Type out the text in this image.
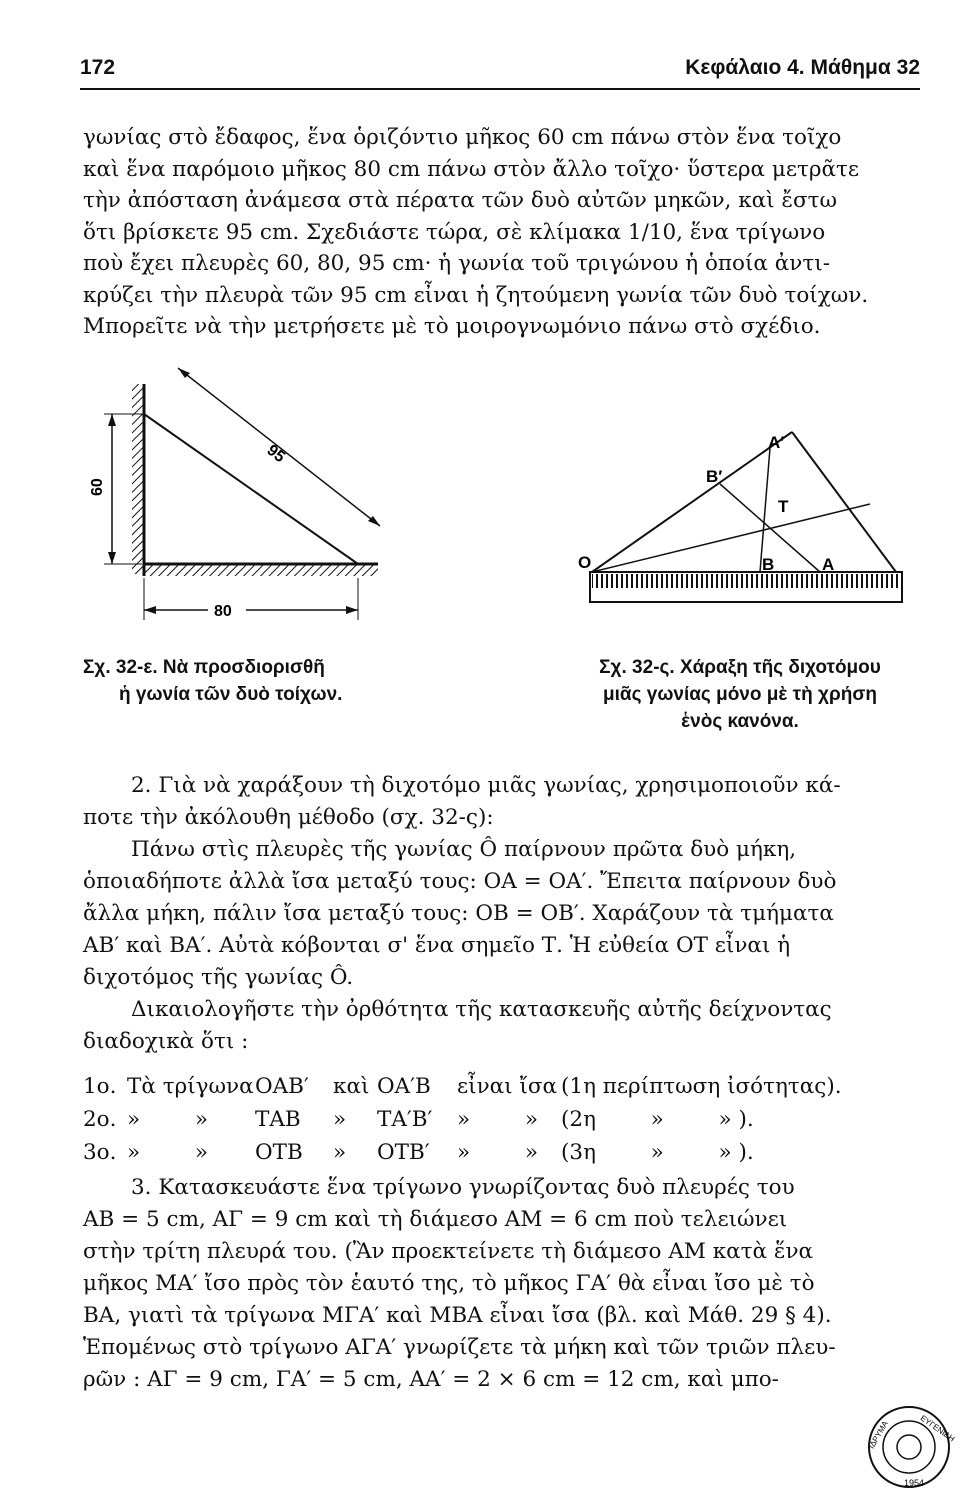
172	Κεφάλαιο 4. Μάθημα 32
γωνίας στὸ ἔδαφος, ἕνα ὁριζόντιο μῆκος 60 cm πάνω στὸν ἕνα τοῖχο
καὶ ἕνα παρόμοιο μῆκος 80 cm πάνω στὸν ἄλλο τοῖχο· ὕστερα μετρᾶτε
τὴν ἀπόσταση ἀνάμεσα στὰ πέρατα τῶν δυὸ αὐτῶν μηκῶν, καὶ ἔστω
ὅτι βρίσκετε 95 cm. Σχεδιάστε τώρα, σὲ κλίμακα 1/10, ἕνα τρίγωνο
ποὺ ἔχει πλευρὲς 60, 80, 95 cm· ἡ γωνία τοῦ τριγώνου ἡ ὁποία ἀντι-
κρύζει τὴν πλευρὰ τῶν 95 cm εἶναι ἡ ζητούμενη γωνία τῶν δυὸ τοίχων.
Μπορεῖτε νὰ τὴν μετρήσετε μὲ τὸ μοιρογνωμόνιο πάνω στὸ σχέδιο.
95
60
80
Σχ. 32-ε. Νὰ προσδιορισθῆ
ἡ γωνία τῶν δυὸ τοίχων.
O	B	A
B′
A′
T
Σχ. 32-ς. Χάραξη τῆς διχοτόμου
μιᾶς γωνίας μόνο μὲ τὴ χρήση
ἑνὸς κανόνα.
2. Γιὰ νὰ χαράξουν τὴ διχοτόμο μιᾶς γωνίας, χρησιμοποιοῦν κά-
ποτε τὴν ἀκόλουθη μέθοδο (σχ. 32-ς):
Πάνω στὶς πλευρὲς τῆς γωνίας Ô παίρνουν πρῶτα δυὸ μήκη,
ὁποιαδήποτε ἀλλὰ ἴσα μεταξύ τους: ΟΑ = ΟΑ′. Ἔπειτα παίρνουν δυὸ
ἄλλα μήκη, πάλιν ἴσα μεταξύ τους: ΟΒ = ΟΒ′. Χαράζουν τὰ τμήματα
ΑΒ′ καὶ ΒΑ′. Αὐτὰ κόβονται σ' ἕνα σημεῖο Τ. Ἡ εὐθεία ΟΤ εἶναι ἡ
διχοτόμος τῆς γωνίας Ô.
Δικαιολογῆστε τὴν ὀρθότητα τῆς κατασκευῆς αὐτῆς δείχνοντας
διαδοχικὰ ὅτι :
1ο. Τὰ τρίγωναΟΑΒ′ καὶ ΟΑ′Β εἶναι ἴσα (1η περίπτωση ἰσότητας).
2ο. »        » ΤΑΒ » ΤΑ′Β′ »        » (2η        »        » ).
3ο. »        » ΟΤΒ » ΟΤΒ′ »        » (3η        »        » ).
3. Κατασκευάστε ἕνα τρίγωνο γνωρίζοντας δυὸ πλευρές του
ΑΒ = 5 cm, ΑΓ = 9 cm καὶ τὴ διάμεσο ΑΜ = 6 cm ποὺ τελειώνει
στὴν τρίτη πλευρά του. (Ἂν προεκτείνετε τὴ διάμεσο ΑΜ κατὰ ἕνα
μῆκος ΜΑ′ ἴσο πρὸς τὸν ἑαυτό της, τὸ μῆκος ΓΑ′ θὰ εἶναι ἴσο μὲ τὸ
ΒΑ, γιατὶ τὰ τρίγωνα ΜΓΑ′ καὶ ΜΒΑ εἶναι ἴσα (βλ. καὶ Μάθ. 29 § 4).
Ἑπομένως στὸ τρίγωνο ΑΓΑ′ γνωρίζετε τὰ μήκη καὶ τῶν τριῶν πλευ-
ρῶν : ΑΓ = 9 cm, ΓΑ′ = 5 cm, ΑΑ′ = 2 × 6 cm = 12 cm, καὶ μπο-
ΕΥΓΕΝΙΔΗ
ΙΔΡΥΜΑ
1954
